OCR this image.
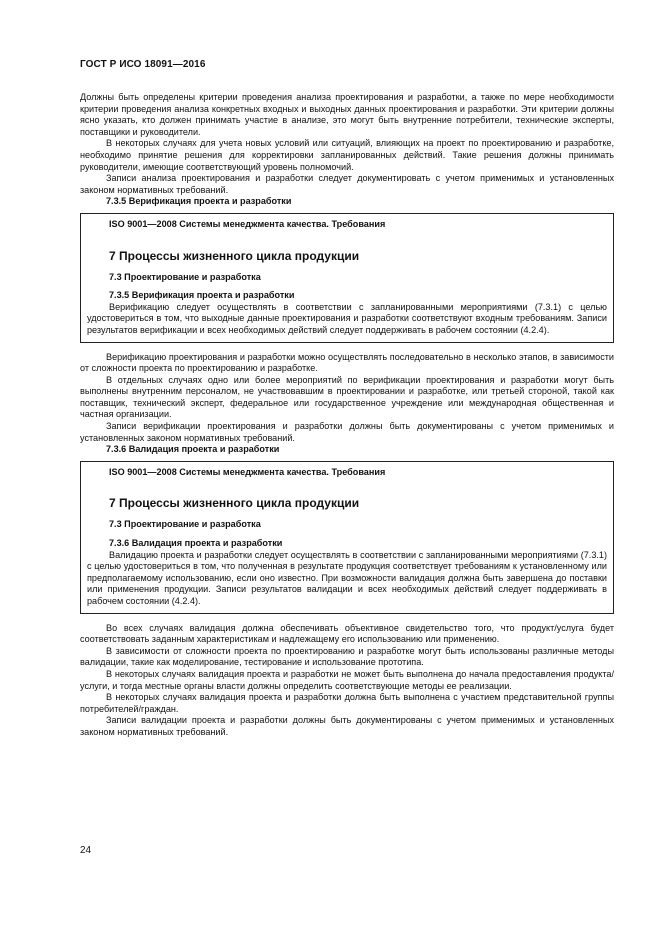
ГОСТ Р ИСО 18091—2016

Должны быть определены критерии проведения анализа проектирования и разработки, а также по мере необходимости критерии проведения анализа конкретных входных и выходных данных проектирования и разработки. Эти критерии должны ясно указать, кто должен принимать участие в анализе, это могут быть внутренние потребители, технические эксперты, поставщики и руководители.

В некоторых случаях для учета новых условий или ситуаций, влияющих на проект по проектированию и разработке, необходимо принятие решения для корректировки запланированных действий. Такие решения должны принимать руководители, имеющие соответствующий уровень полномочий.

Записи анализа проектирования и разработки следует документировать с учетом применимых и установленных законом нормативных требований.

7.3.5 Верификация проекта и разработки
ISO 9001—2008 Системы менеджмента качества. Требования
7 Процессы жизненного цикла продукции
7.3 Проектирование и разработка
7.3.5 Верификация проекта и разработки

Верификацию следует осуществлять в соответствии с запланированными мероприятиями (7.3.1) с целью удостовериться в том, что выходные данные проектирования и разработки соответствуют входным требованиям. Записи результатов верификации и всех необходимых действий следует поддерживать в рабочем состоянии (4.2.4).

Верификацию проектирования и разработки можно осуществлять последовательно в несколько этапов, в зависимости от сложности проекта по проектированию и разработке.

В отдельных случаях одно или более мероприятий по верификации проектирования и разработки могут быть выполнены внутренним персоналом, не участвовавшим в проектировании и разработке, или третьей стороной, такой как поставщик, технический эксперт, федеральное или государственное учреждение или международная общественная и частная организации.

Записи верификации проектирования и разработки должны быть документированы с учетом применимых и установленных законом нормативных требований.

7.3.6 Валидация проекта и разработки
ISO 9001—2008 Системы менеджмента качества. Требования
7 Процессы жизненного цикла продукции
7.3 Проектирование и разработка
7.3.6 Валидация проекта и разработки

Валидацию проекта и разработки следует осуществлять в соответствии с запланированными мероприятиями (7.3.1) с целью удостовериться в том, что полученная в результате продукция соответствует требованиям к установленному или предполагаемому использованию, если оно известно. При возможности валидация должна быть завершена до поставки или применения продукции. Записи результатов валидации и всех необходимых действий следует поддерживать в рабочем состоянии (4.2.4).

Во всех случаях валидация должна обеспечивать объективное свидетельство того, что продукт/услуга будет соответствовать заданным характеристикам и надлежащему его использованию или применению.

В зависимости от сложности проекта по проектированию и разработке могут быть использованы различные методы валидации, такие как моделирование, тестирование и использование прототипа.

В некоторых случаях валидация проекта и разработки не может быть выполнена до начала предоставления продукта/услуги, и тогда местные органы власти должны определить соответствующие методы ее реализации.

В некоторых случаях валидация проекта и разработки должна быть выполнена с участием представительной группы потребителей/граждан.

Записи валидации проекта и разработки должны быть документированы с учетом применимых и установленных законом нормативных требований.

24
